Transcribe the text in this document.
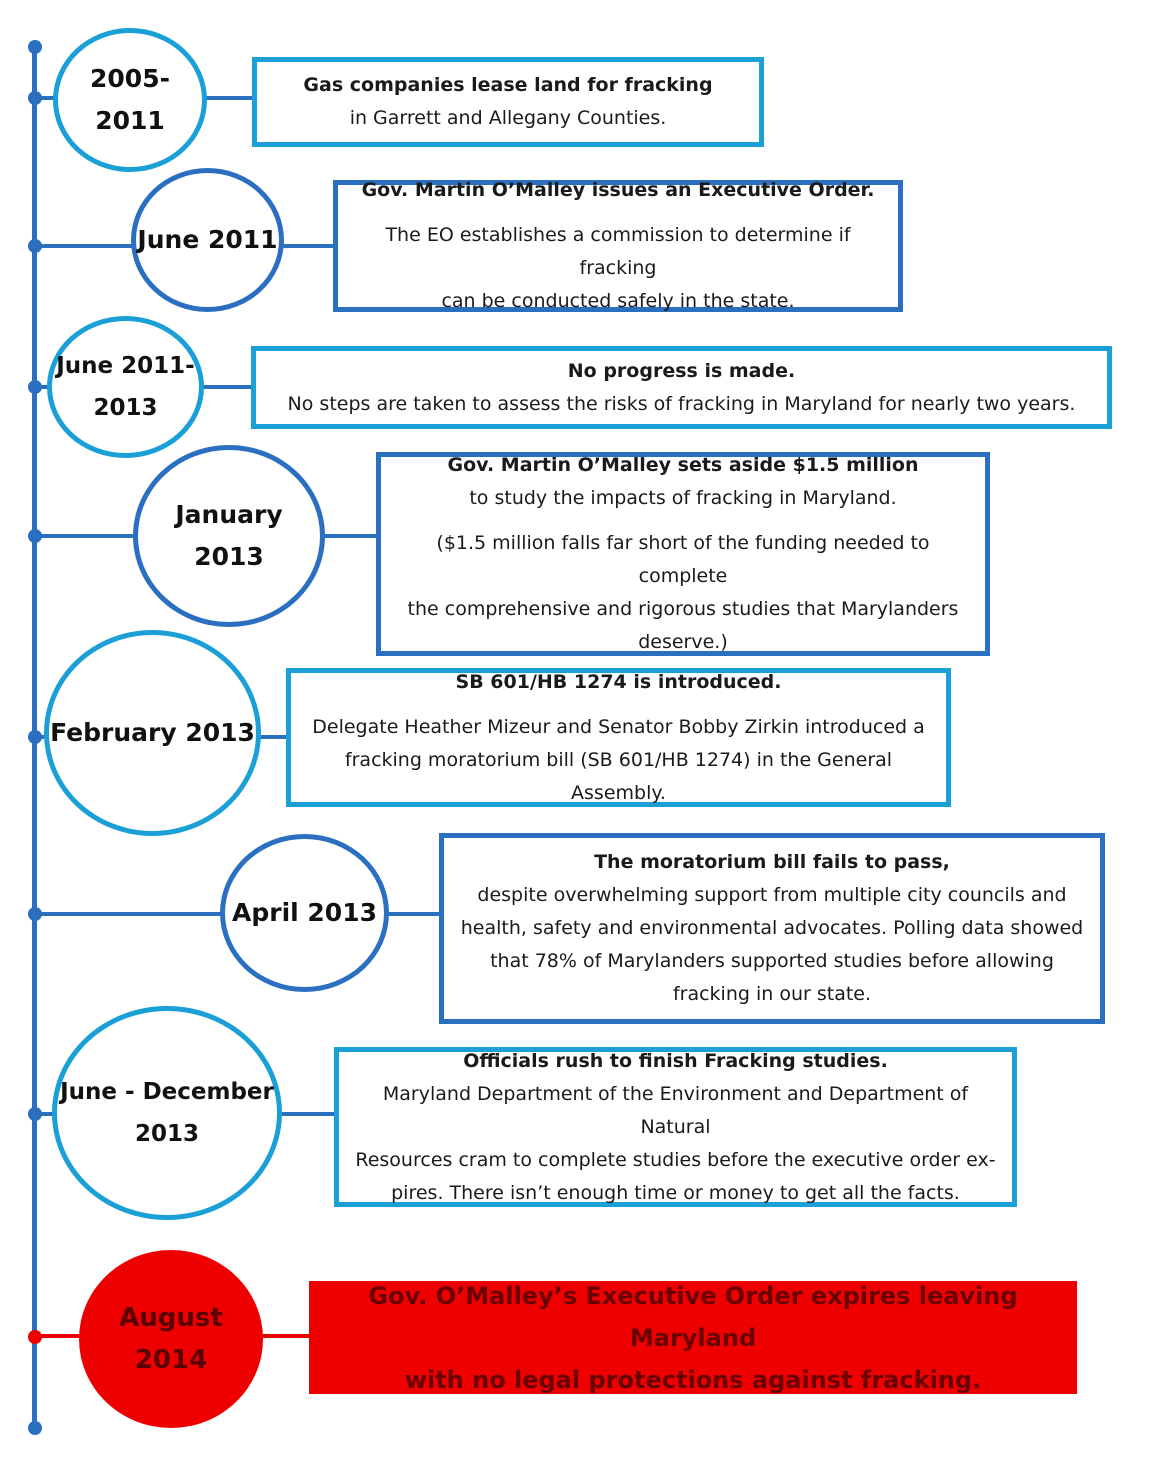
2005-2011
Gas companies lease land for fracking
in Garrett and Allegany Counties.
June 2011
Gov. Martin O’Malley issues an Executive Order.
The EO establishes a commission to determine if fracking
can be conducted safely in the state.
June 2011-
2013
No progress is made.
No steps are taken to assess the risks of fracking in Maryland for nearly two years.
January 2013
Gov. Martin O’Malley sets aside $1.5 million
to study the impacts of fracking in Maryland.
($1.5 million falls far short of the funding needed to complete
the comprehensive and rigorous studies that Marylanders
deserve.)
February 2013
SB 601/HB 1274 is introduced.
Delegate Heather Mizeur and Senator Bobby Zirkin introduced a
fracking moratorium bill (SB 601/HB 1274) in the General Assembly.
April 2013
The moratorium bill fails to pass,
despite overwhelming support from multiple city councils and
health, safety and environmental advocates. Polling data showed
that 78% of Marylanders supported studies before allowing
fracking in our state.
June - December
2013
Officials rush to finish Fracking studies.
Maryland Department of the Environment and Department of Natural
Resources cram to complete studies before the executive order ex-
pires. There isn’t enough time or money to get all the facts.
August 2014
Gov. O’Malley’s Executive Order expires leaving Maryland
with no legal protections against fracking.
